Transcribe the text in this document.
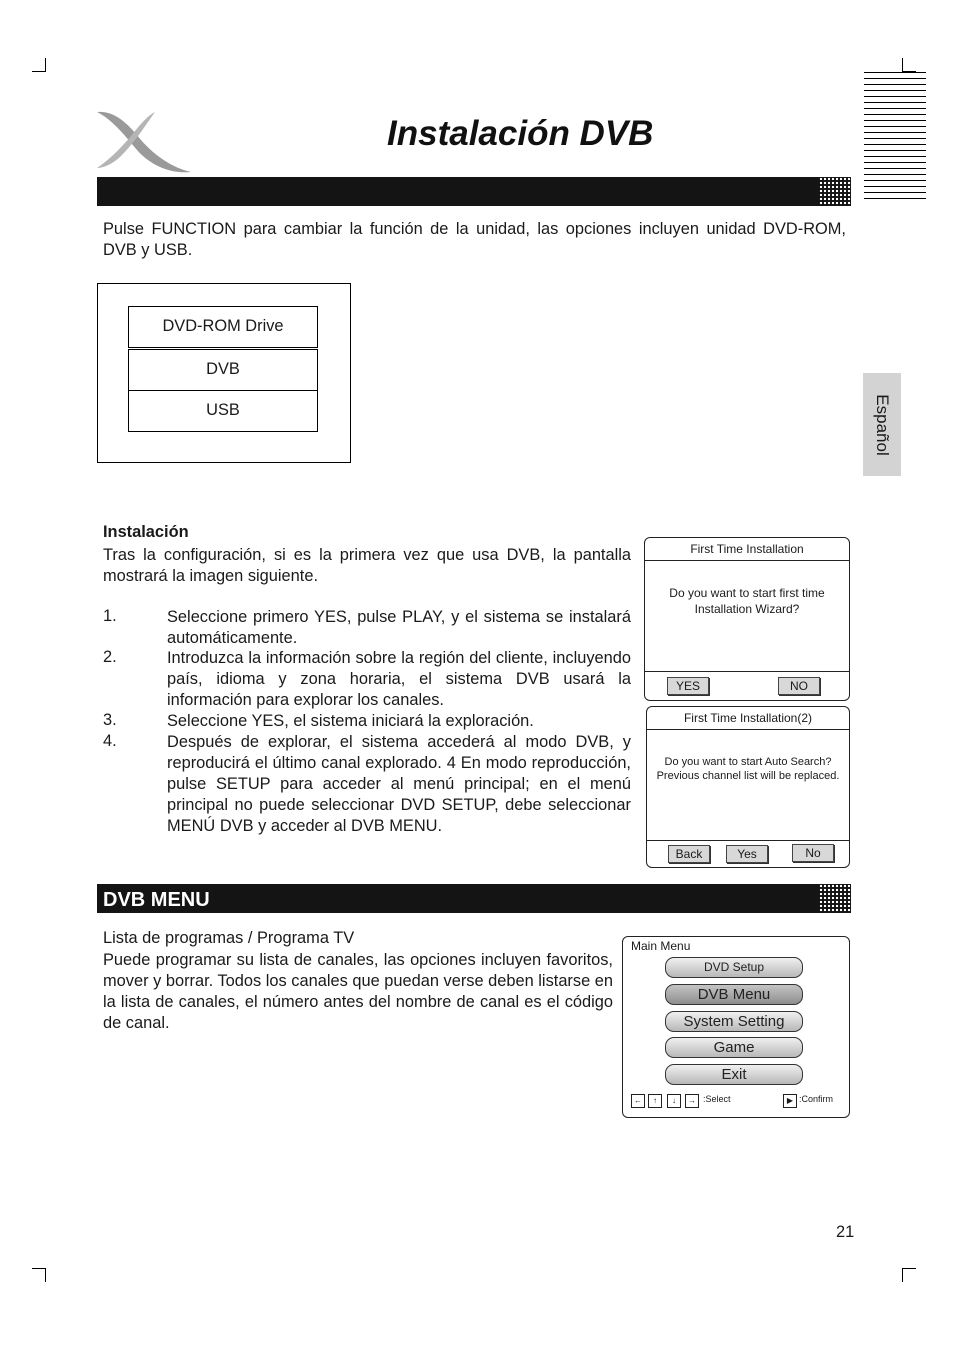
Instalación DVB
Español
Pulse FUNCTION para cambiar la función de la unidad, las opciones incluyen unidad DVD-ROM, DVB y USB.
DVD-ROM Drive
DVB
USB
Instalación
Tras la configuración, si es la primera vez que usa DVB, la pantalla mostrará la imagen siguiente.
1.	Seleccione primero YES, pulse PLAY, y el sistema se instalará automáticamente.
2.	Introduzca la información sobre la región del cliente, incluyendo país, idioma y zona horaria, el sistema DVB usará la información para explorar los canales.
3.	Seleccione YES, el sistema iniciará la exploración.
4.	Después de explorar, el sistema accederá al modo DVB, y reproducirá el último canal explorado. 4 En modo reproducción, pulse SETUP para acceder al menú principal; en el menú principal no puede seleccionar DVD SETUP, debe seleccionar MENÚ DVB y acceder al DVB MENU.
First Time Installation
Do you want to start first time
Installation Wizard?
YES	NO
First Time Installation(2)
Do you want to start Auto Search?
Previous channel list will be replaced.
Back	Yes	No
DVB MENU
Lista de programas / Programa TV
Puede programar su lista de canales, las opciones incluyen favoritos, mover y borrar. Todos los canales que puedan verse deben listarse en la lista de canales, el número antes del nombre de canal es el código de canal.
Main Menu
DVD Setup
DVB Menu
System Setting
Game
Exit
←	↑	↓	→ :Select	▶ :Confirm
21
